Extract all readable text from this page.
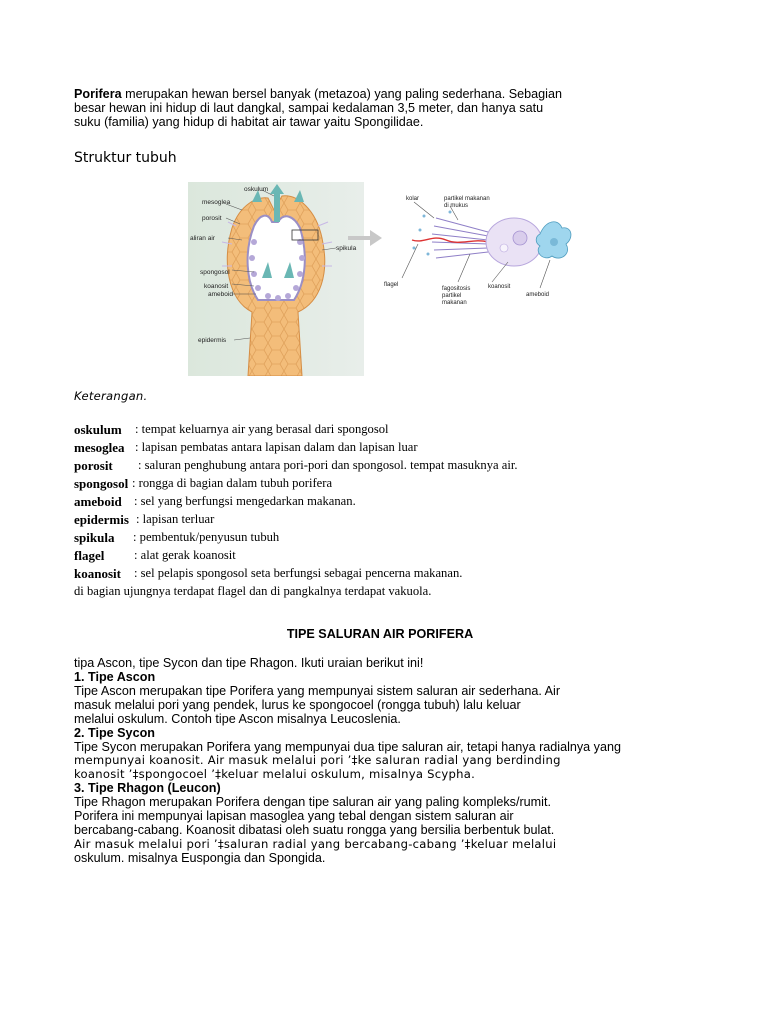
Porifera merupakan hewan bersel banyak (metazoa) yang paling sederhana. Sebagian
besar hewan ini hidup di laut dangkal, sampai kedalaman 3,5 meter, dan hanya satu
suku (familia) yang hidup di habitat air tawar yaitu Spongilidae.
Struktur tubuh
oskulum
mesoglea
porosit
aliran air
spikula
spongosol
koanosit
ameboid
epidermis
kolar	partikel makanan
di mukus
flagel
fagositosis
partikel
makanan
koanosit
ameboid
Keterangan.
oskulum : tempat keluarnya air yang berasal dari spongosol
mesoglea : lapisan pembatas antara lapisan dalam dan lapisan luar
porosit : saluran penghubung antara pori-pori dan spongosol. tempat masuknya air.
spongosol : rongga di bagian dalam tubuh porifera
ameboid : sel yang berfungsi mengedarkan makanan.
epidermis : lapisan terluar
spikula : pembentuk/penyusun tubuh
flagel : alat gerak koanosit
koanosit : sel pelapis spongosol seta berfungsi sebagai pencerna makanan.
di bagian ujungnya terdapat flagel dan di pangkalnya terdapat vakuola.
TIPE SALURAN AIR PORIFERA
tipa Ascon, tipe Sycon dan tipe Rhagon. Ikuti uraian berikut ini!
1. Tipe Ascon
Tipe Ascon merupakan tipe Porifera yang mempunyai sistem saluran air sederhana. Air
masuk melalui pori yang pendek, lurus ke spongocoel (rongga tubuh) lalu keluar
melalui oskulum. Contoh tipe Ascon misalnya Leucoslenia.
2. Tipe Sycon
Tipe Sycon merupakan Porifera yang mempunyai dua tipe saluran air, tetapi hanya radialnya yang
mempunyai koanosit. Air masuk melalui pori ’‡ke saluran radial yang berdinding
koanosit ’‡spongocoel ’‡keluar melalui oskulum, misalnya Scypha.
3. Tipe Rhagon (Leucon)
Tipe Rhagon merupakan Porifera dengan tipe saluran air yang paling kompleks/rumit.
Porifera ini mempunyai lapisan masoglea yang tebal dengan sistem saluran air
bercabang-cabang. Koanosit dibatasi oleh suatu rongga yang bersilia berbentuk bulat.
Air masuk melalui pori ’‡saluran radial yang bercabang-cabang ’‡keluar melalui
oskulum. misalnya Euspongia dan Spongida.
